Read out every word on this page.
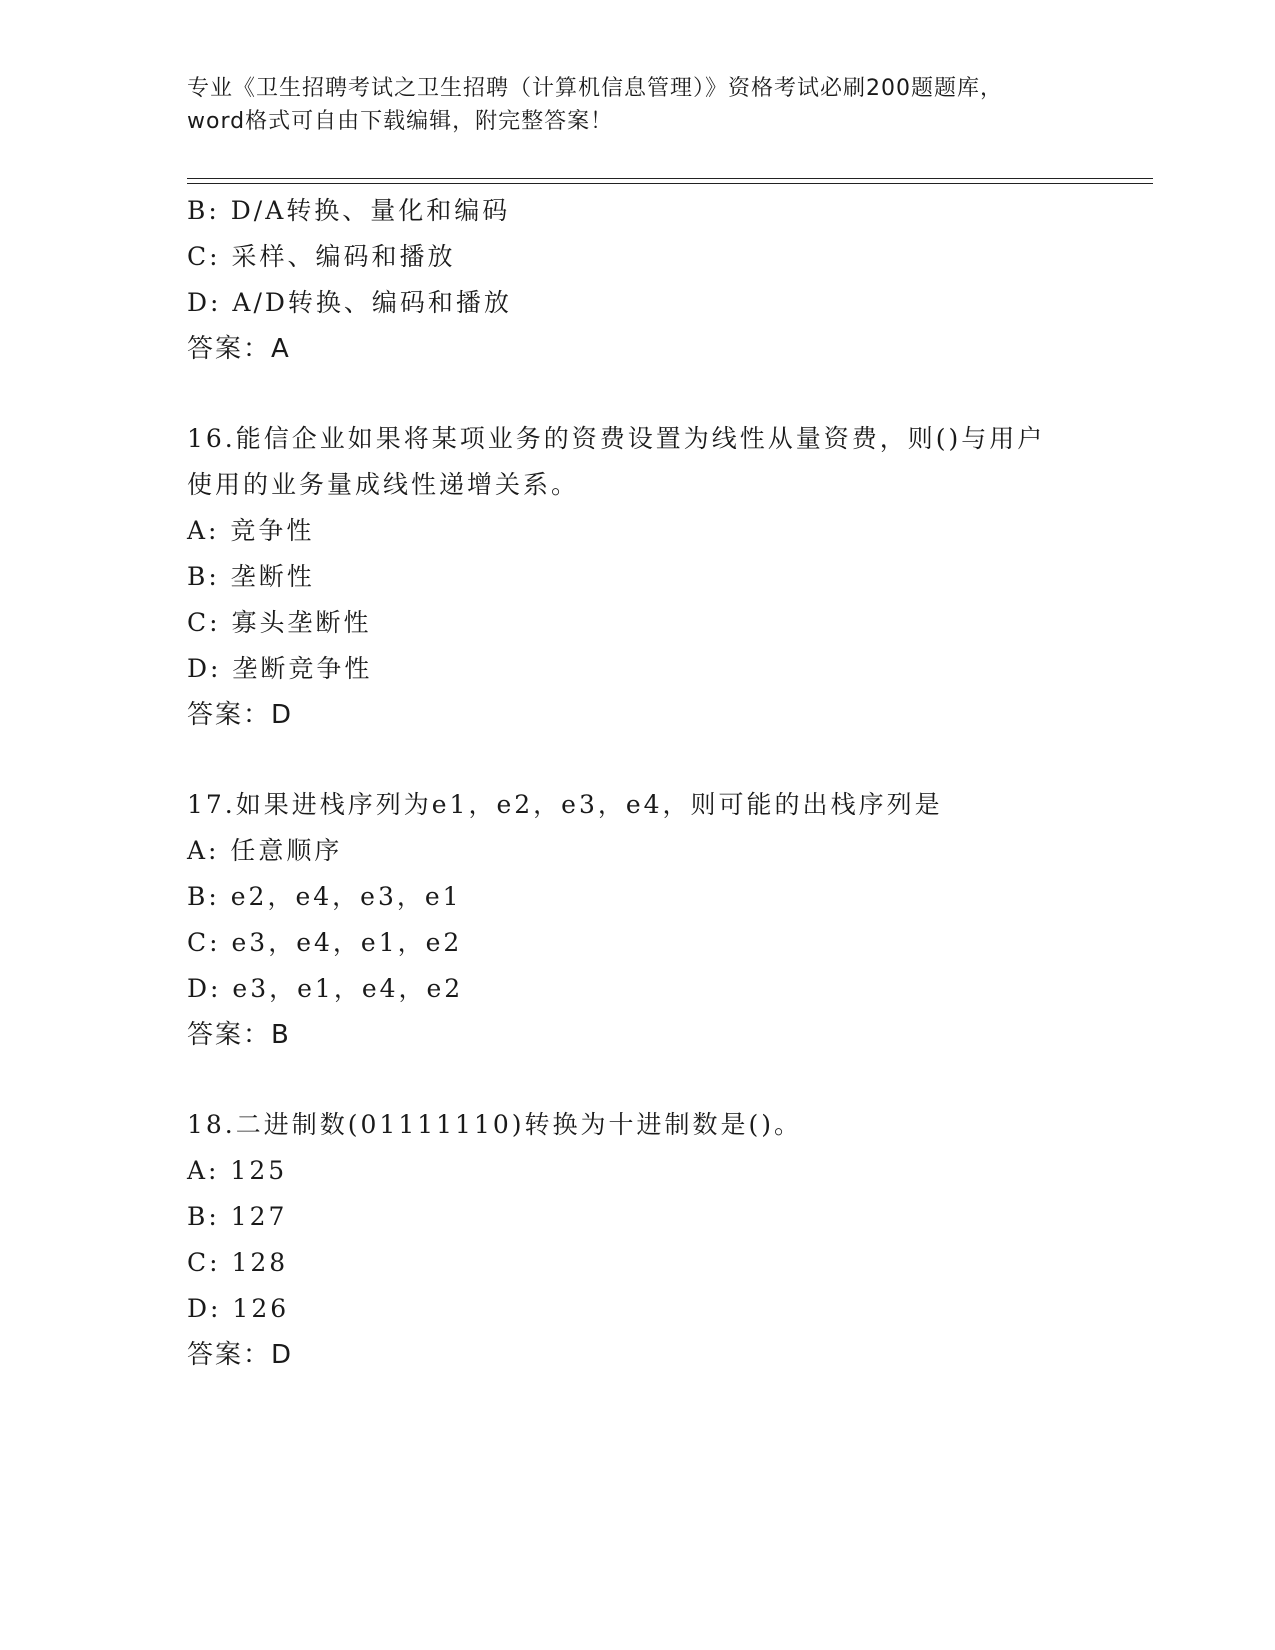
专业《卫生招聘考试之卫生招聘（计算机信息管理）》资格考试必刷200题题库，
word格式可自由下载编辑，附完整答案！
B: D/A转换、量化和编码
C: 采样、编码和播放
D: A/D转换、编码和播放
答案：A
16.能信企业如果将某项业务的资费设置为线性从量资费，则()与用户
使用的业务量成线性递增关系。
A: 竞争性
B: 垄断性
C: 寡头垄断性
D: 垄断竞争性
答案：D
17.如果进栈序列为e1，e2，e3，e4，则可能的出栈序列是
A: 任意顺序
B: e2，e4，e3，e1
C: e3，e4，e1，e2
D: e3，e1，e4，e2
答案：B
18.二进制数(01111110)转换为十进制数是()。
A: 125
B: 127
C: 128
D: 126
答案：D
